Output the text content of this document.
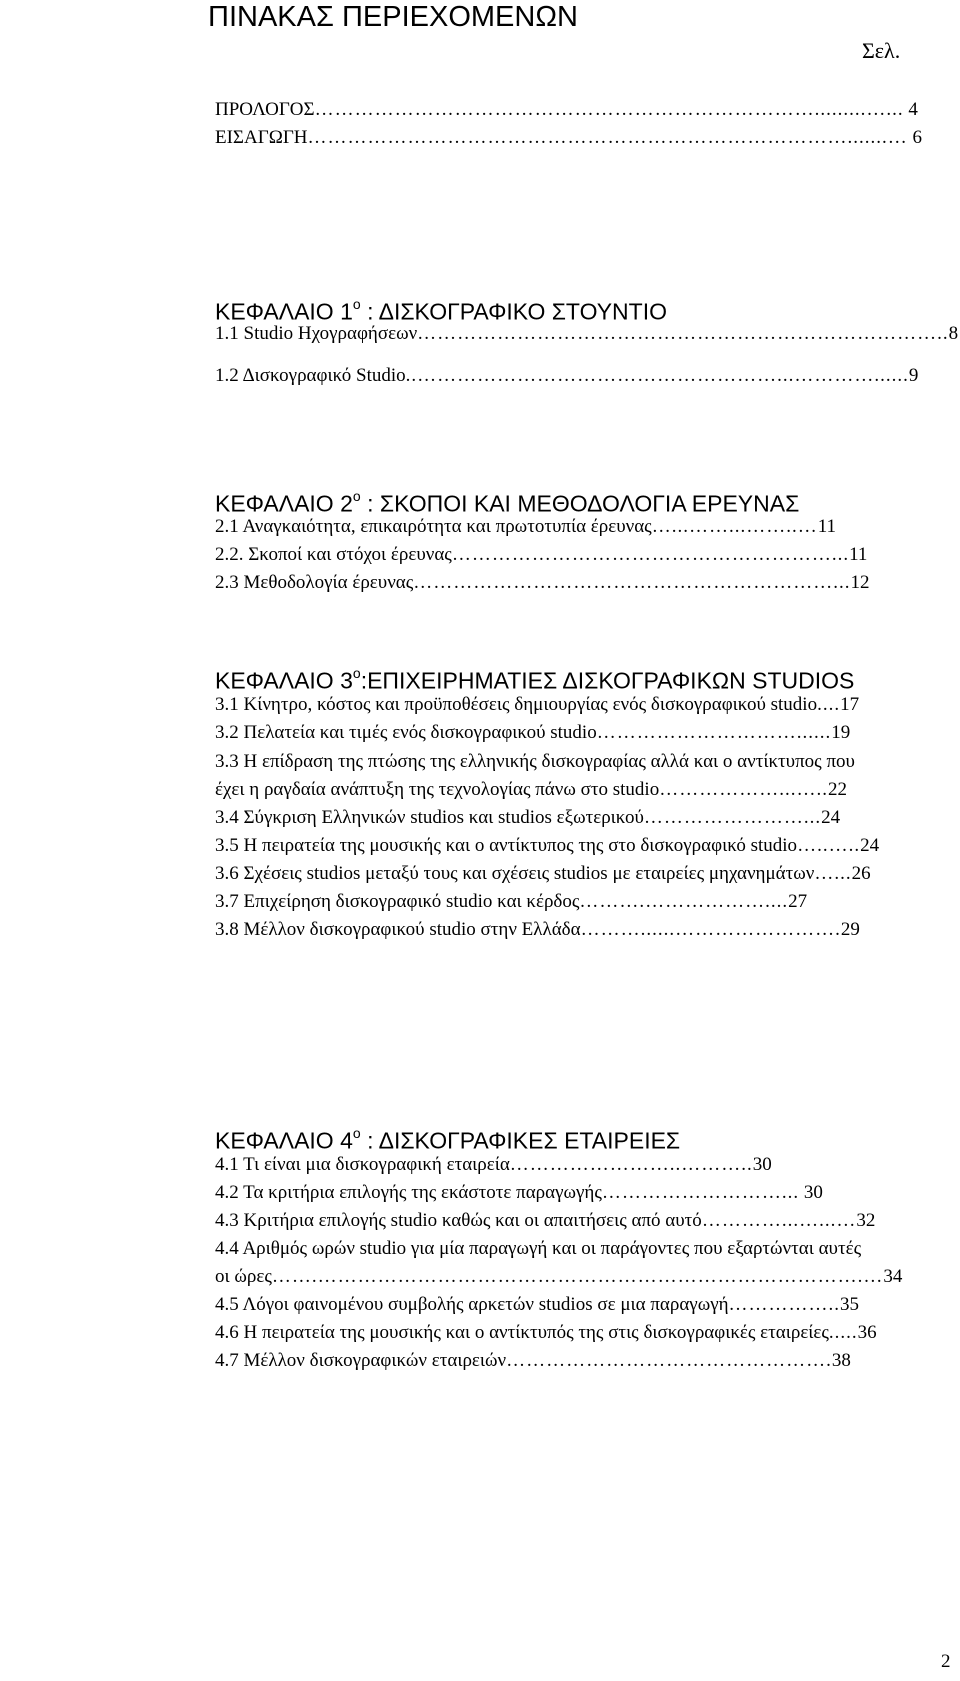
ΠΙΝΑΚΑΣ ΠΕΡΙΕΧΟΜΕΝΩΝ
Σελ.
ΠΡΟΛΟΓΟΣ………………………………………………………………….........…... 4
ΕΙΣΑΓΩΓΗ……………………………………………………………………….......… 6
ΚΕΦΑΛΑΙΟ $1^o$ : ΔΙΣΚΟΓΡΑΦΙΚΟ ΣΤΟΥΝΤΙΟ
1.1 Studio Ηχογραφήσεων……………………………………………………………………..8
1.2 Δισκογραφικό Studio..………………………………………………...…………......9
ΚΕΦΑΛΑΙΟ $2^o$ : ΣΚΟΠΟΙ ΚΑΙ ΜΕΘΟΔΟΛΟΓΙΑ ΕΡΕΥΝΑΣ
2.1 Αναγκαιότητα, επικαιρότητα και πρωτοτυπία έρευνας…...……...……..…11
2.2. Σκοποί και στόχοι έρευνας…………………………………………………...11
2.3 Μεθοδολογία έρευνας………………………………………………………...12
ΚΕΦΑΛΑΙΟ $3^o:E\Pi IXEIPHMATIE\Sigma$ ΔΙΣΚΟΓΡΑΦΙΚΩΝ STUDIOS
3.1 Κίνητρο, κόστος και προϋποθέσεις δημιουργίας ενός δισκογραφικού studio....17
3.2 Πελατεία και τιμές ενός δισκογραφικού studio…………………………......19
3.3 Η επίδραση της πτώσης της ελληνικής δισκογραφίας αλλά και ο αντίκτυπος που
έχει η ραγδαία ανάπτυξη της τεχνολογίας πάνω στο studio………………...…..22
3.4 Σύγκριση Ελληνικών studios και studios εξωτερικού……………………...24
3.5 Η πειρατεία της μουσικής και ο αντίκτυπος της στο δισκογραφικό studio…..…..24
3.6 Σχέσεις studios μεταξύ τους και σχέσεις studios με εταιρείες μηχανημάτων…...26
3.7 Επιχείρηση δισκογραφικό studio και κέρδος……….………………....27
3.8 Μέλλον δισκογραφικού studio στην Ελλάδα………......…………………….29
ΚΕΦΑΛΑΙΟ $4^o$ : ΔΙΣΚΟΓΡΑΦΙΚΕΣ ΕΤΑΙΡΕΙΕΣ
4.1 Τι είναι μια δισκογραφική εταιρεία……………………..………..30
4.2 Τα κριτήρια επιλογής της εκάστοτε παραγωγής………………………... 30
4.3 Κριτήρια επιλογής studio καθώς και οι απαιτήσεις από αυτό…………...…...…32
4.4 Αριθμός ωρών studio για μία παραγωγή και οι παράγοντες που εξαρτώνται αυτές
οι ώρες…….……………………………………………………………………….…34
4.5 Λόγοι φαινομένου συμβολής αρκετών studios σε μια παραγωγή……………..35
4.6 Η πειρατεία της μουσικής και ο αντίκτυπός της στις δισκογραφικές εταιρείες.....36
4.7 Μέλλον δισκογραφικών εταιρειών………………………………………….38
2
